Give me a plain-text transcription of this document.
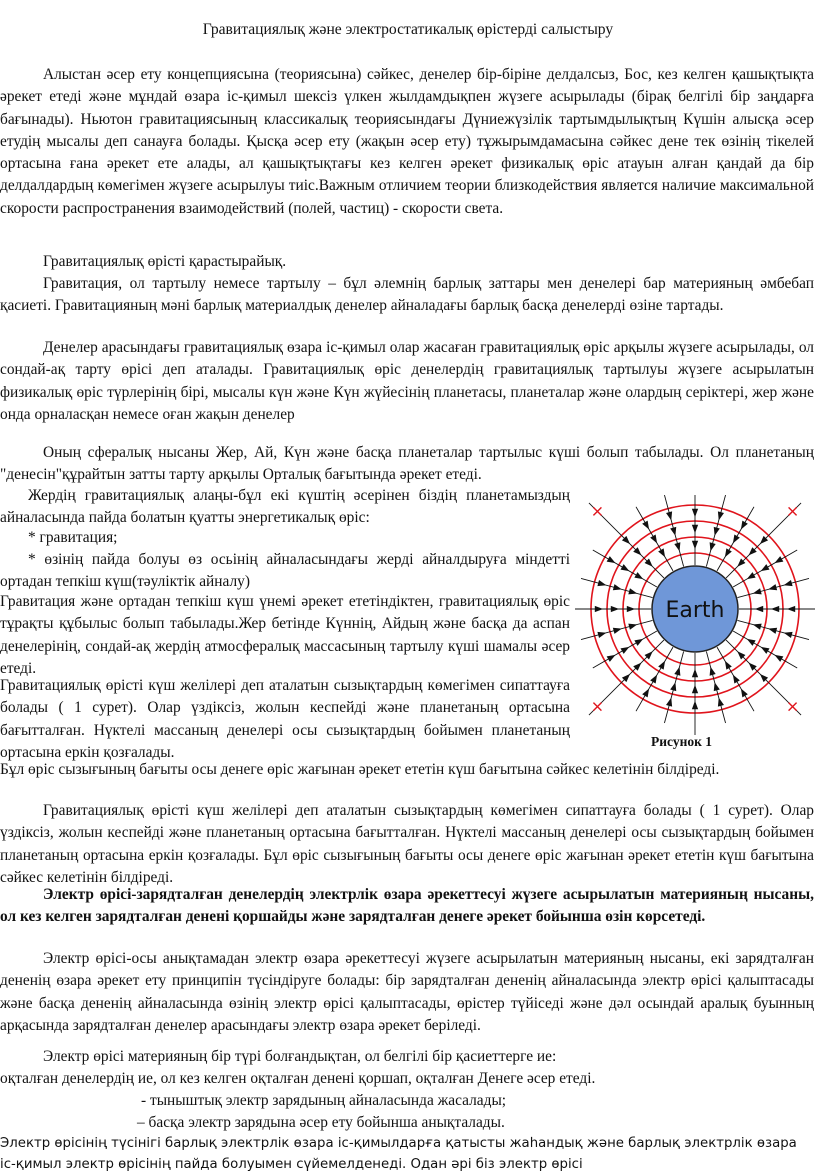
Гравитациялық және электростатикалық өрістерді салыстыру

Алыстан әсер ету концепциясына (теориясына) сәйкес, денелер бір-біріне делдалсыз, Бос, кез келген қашықтықта әрекет етеді және мұндай өзара іс-қимыл шексіз үлкен жылдамдықпен жүзеге асырылады (бірақ белгілі бір заңдарға бағынады). Ньютон гравитациясының классикалық теориясындағы Дүниежүзілік тартымдылықтың Күшін алысқа әсер етудің мысалы деп санауға болады. Қысқа әсер ету (жақын әсер ету) тұжырымдамасына сәйкес дене тек өзінің тікелей ортасына ғана әрекет ете алады, ал қашықтықтағы кез келген әрекет физикалық өріс атауын алған қандай да бір делдалдардың көмегімен жүзеге асырылуы тиіс.Важным отличием теории близкодействия является наличие максимальной скорости распространения взаимодействий (полей, частиц) - скорости света.

Гравитациялық өрісті қарастырайық.

Гравитация, ол тартылу немесе тартылу – бұл әлемнің барлық заттары мен денелері бар материяның әмбебап қасиеті. Гравитацияның мәні барлық материалдық денелер айналадағы барлық басқа денелерді өзіне тартады.

Денелер арасындағы гравитациялық өзара іс-қимыл олар жасаған гравитациялық өріс арқылы жүзеге асырылады, ол сондай-ақ тарту өрісі деп аталады. Гравитациялық өріс денелердің гравитациялық тартылуы жүзеге асырылатын физикалық өріс түрлерінің бірі, мысалы күн және Күн жүйесінің планетасы, планеталар және олардың серіктері, жер және онда орналасқан немесе оған жақын денелер

Оның сфералық нысаны Жер, Ай, Күн және басқа планеталар тартылыс күші болып табылады. Ол планетаның "денесін"құрайтын затты тарту арқылы Орталық бағытында әрекет етеді.

Жердің гравитациялық алаңы-бұл екі күштің әсерінен біздің планетамыздың айналасында пайда болатын қуатты энергетикалық өріс:

* гравитация;

* өзінің пайда болуы өз осьінің айналасындағы жерді айналдыруға міндетті ортадан тепкіш күш(тәуліктік айналу)

Гравитация және ортадан тепкіш күш үнемі әрекет ететіндіктен, гравитациялық өріс тұрақты құбылыс болып табылады.Жер бетінде Күннің, Айдың және басқа да аспан денелерінің, сондай-ақ жердің атмосфералық массасының тартылу күші шамалы әсер етеді.

Гравитациялық өрісті күш желілері деп аталатын сызықтардың көмегімен сипаттауға болады ( 1 сурет). Олар үздіксіз, жолын кеспейді және планетаның ортасына бағытталған. Нүктелі массаның денелері осы сызықтардың бойымен планетаның ортасына еркін қозғалады.

Бұл өріс сызығының бағыты осы денеге өріс жағынан әрекет ететін күш бағытына сәйкес келетінін білдіреді.

Гравитациялық өрісті күш желілері деп аталатын сызықтардың көмегімен сипаттауға болады ( 1 сурет). Олар үздіксіз, жолын кеспейді және планетаның ортасына бағытталған. Нүктелі массаның денелері осы сызықтардың бойымен планетаның ортасына еркін қозғалады. Бұл өріс сызығының бағыты осы денеге өріс жағынан әрекет ететін күш бағытына сәйкес келетінін білдіреді.

Электр өрісі-зарядталған денелердің электрлік өзара әрекеттесуі жүзеге асырылатын материяның нысаны, ол кез келген зарядталған денені қоршайды және зарядталған денеге әрекет бойынша өзін көрсетеді.

Электр өрісі-осы анықтамадан электр өзара әрекеттесуі жүзеге асырылатын материяның нысаны, екі зарядталған дененің өзара әрекет ету принципін түсіндіруге болады: бір зарядталған дененің айналасында электр өрісі қалыптасады және басқа дененің айналасында өзінің электр өрісі қалыптасады, өрістер түйіседі және дәл осындай аралық буынның арқасында зарядталған денелер арасындағы электр өзара әрекет беріледі.

Электр өрісі материяның бір түрі болғандықтан, ол белгілі бір қасиеттерге ие:

оқталған денелердің ие, ол кез келген оқталған денені қоршап, оқталған Денеге әсер етеді.

- тыныштық электр зарядының айналасында жасалады;

– басқа электр зарядына әсер ету бойынша анықталады.

Электр өрісінің түсінігі барлық электрлік өзара іс-қимылдарға қатысты жаһандық және барлық электрлік өзара іс-қимыл электр өрісінің пайда болуымен сүйемелденеді. Одан әрі біз электр өрісі

Earth
Рисунок 1
